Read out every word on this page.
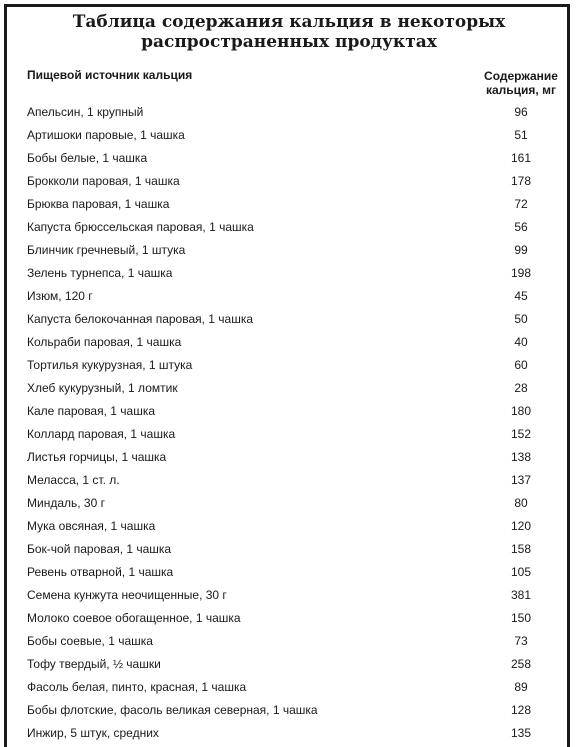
Таблица содержания кальция в некоторых
распространенных продуктах
Пищевой источник кальция	Содержание
кальция, мг
Апельсин, 1 крупный	96
Артишоки паровые, 1 чашка	51
Бобы белые, 1 чашка	161
Брокколи паровая, 1 чашка	178
Брюква паровая, 1 чашка	72
Капуста брюссельская паровая, 1 чашка	56
Блинчик гречневый, 1 штука	99
Зелень турнепса, 1 чашка	198
Изюм, 120 г	45
Капуста белокочанная паровая, 1 чашка	50
Кольраби паровая, 1 чашка	40
Тортилья кукурузная, 1 штука	60
Хлеб кукурузный, 1 ломтик	28
Кале паровая, 1 чашка	180
Коллард паровая, 1 чашка	152
Листья горчицы, 1 чашка	138
Меласса, 1 ст. л.	137
Миндаль, 30 г	80
Мука овсяная, 1 чашка	120
Бок-чой паровая, 1 чашка	158
Ревень отварной, 1 чашка	105
Семена кунжута неочищенные, 30 г	381
Молоко соевое обогащенное, 1 чашка	150
Бобы соевые, 1 чашка	73
Тофу твердый, ½ чашки	258
Фасоль белая, пинто, красная, 1 чашка	89
Бобы флотские, фасоль великая северная, 1 чашка	128
Инжир, 5 штук, средних	135
